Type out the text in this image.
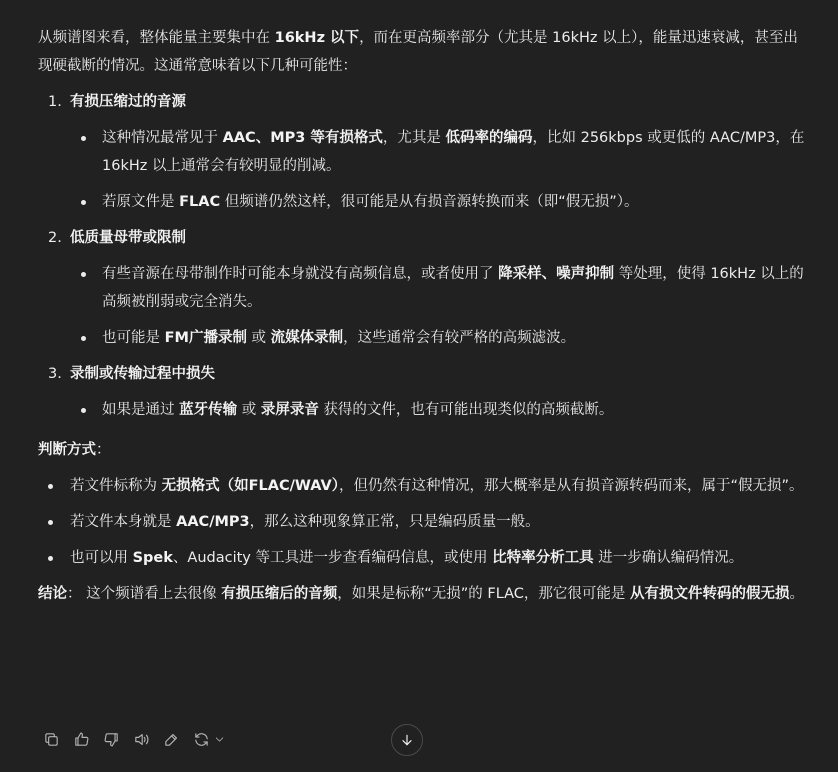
从频谱图来看，整体能量主要集中在 16kHz 以下，而在更高频率部分（尤其是 16kHz 以上），能量迅速衰减，甚至出现硬截断的情况。这通常意味着以下几种可能性：

1. 有损压缩过的音源
这种情况最常见于 AAC、MP3 等有损格式，尤其是 低码率的编码，比如 256kbps 或更低的 AAC/MP3，在 16kHz 以上通常会有较明显的削减。
若原文件是 FLAC 但频谱仍然这样，很可能是从有损音源转换而来（即“假无损”）。
2. 低质量母带或限制
有些音源在母带制作时可能本身就没有高频信息，或者使用了 降采样、噪声抑制 等处理，使得 16kHz 以上的高频被削弱或完全消失。
也可能是 FM广播录制 或 流媒体录制，这些通常会有较严格的高频滤波。
3. 录制或传输过程中损失
如果是通过 蓝牙传输 或 录屏录音 获得的文件，也有可能出现类似的高频截断。

判断方式：

若文件标称为 无损格式（如FLAC/WAV），但仍然有这种情况，那大概率是从有损音源转码而来，属于“假无损”。
若文件本身就是 AAC/MP3，那么这种现象算正常，只是编码质量一般。
也可以用 Spek、Audacity 等工具进一步查看编码信息，或使用 比特率分析工具 进一步确认编码情况。

结论： 这个频谱看上去很像 有损压缩后的音频，如果是标称“无损”的 FLAC，那它很可能是 从有损文件转码的假无损。
